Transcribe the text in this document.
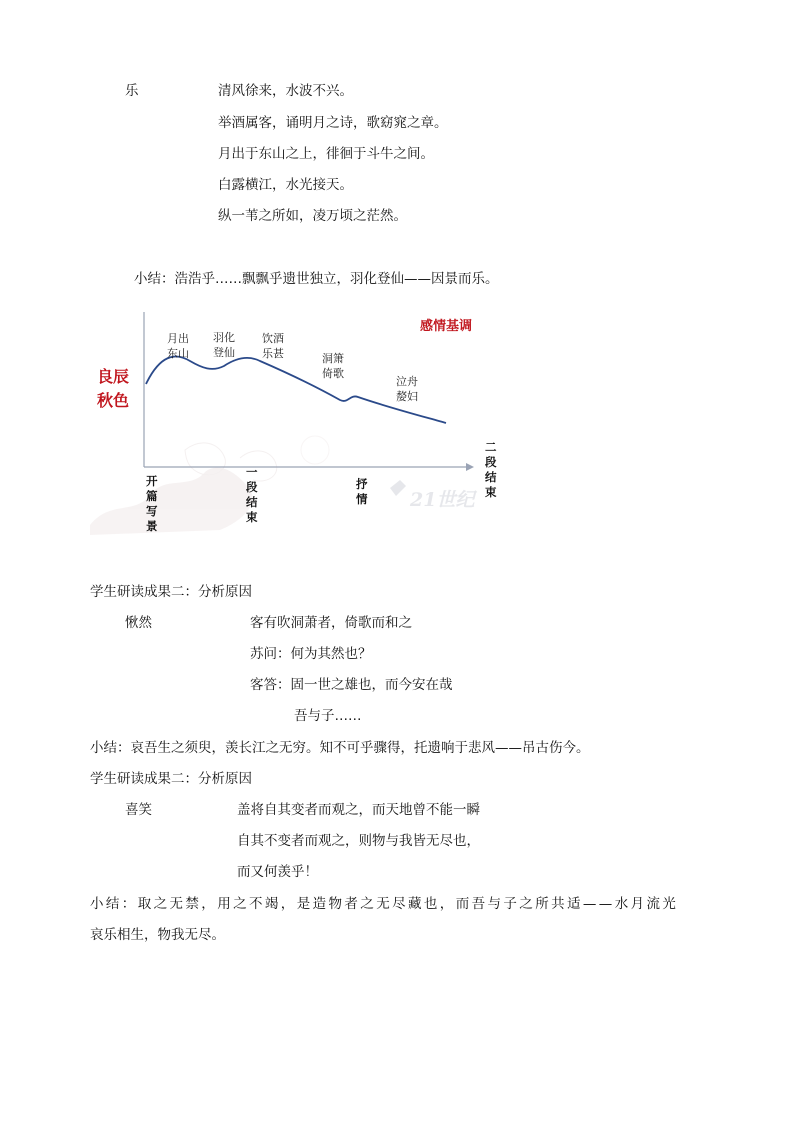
乐	清风徐来，水波不兴。
举酒属客，诵明月之诗，歌窈窕之章。
月出于东山之上，徘徊于斗牛之间。
白露横江，水光接天。
纵一苇之所如，凌万顷之茫然。
小结：浩浩乎……飘飘乎遗世独立，羽化登仙——因景而乐。
21世纪
感情基调
良辰
秋色
月出
东山
羽化
登仙
饮酒
乐甚	洞箫
倚歌
泣舟
嫠妇
开篇写景
一段结束
抒情
二段结束
学生研读成果二：分析原因
愀然	客有吹洞萧者，倚歌而和之
苏问：何为其然也？
客答：固一世之雄也，而今安在哉
吾与子……
小结：哀吾生之须臾，羡长江之无穷。知不可乎骤得，托遗响于悲风——吊古伤今。
学生研读成果二：分析原因
喜笑	盖将自其变者而观之，而天地曾不能一瞬
自其不变者而观之，则物与我皆无尽也，
而又何羡乎！
小结：取之无禁，用之不竭，是造物者之无尽藏也，而吾与子之所共适——水月流光
哀乐相生，物我无尽。
